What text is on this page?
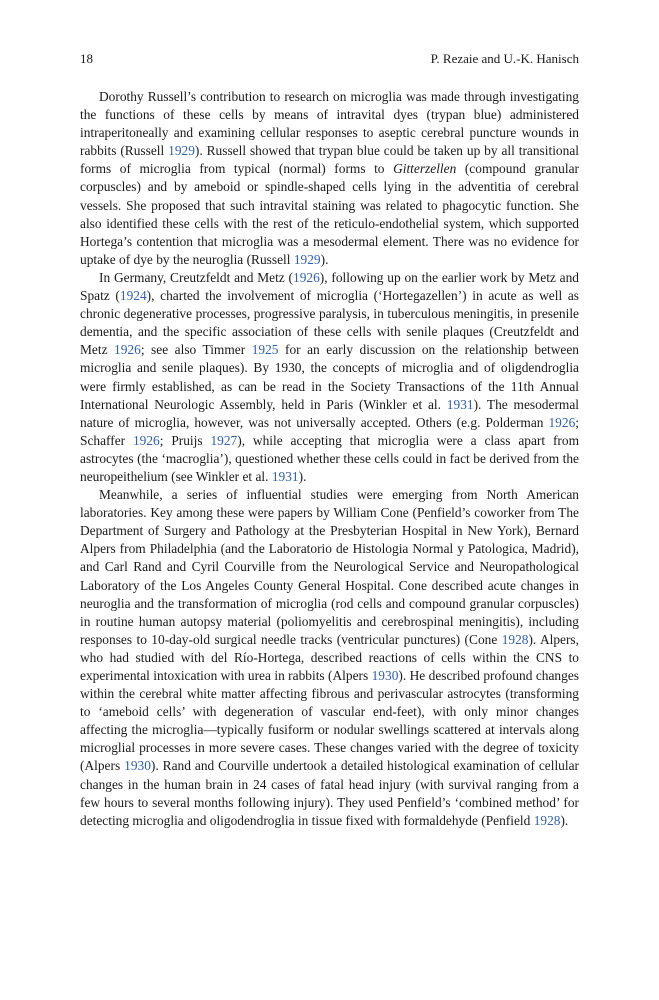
18	P. Rezaie and U.-K. Hanisch

Dorothy Russell’s contribution to research on microglia was made through investigating the functions of these cells by means of intravital dyes (trypan blue) administered intraperitoneally and examining cellular responses to aseptic cerebral puncture wounds in rabbits (Russell 1929). Russell showed that trypan blue could be taken up by all transitional forms of microglia from typical (normal) forms to Gitterzellen (compound granular corpuscles) and by ameboid or spindle-shaped cells lying in the adventitia of cerebral vessels. She proposed that such intravital staining was related to phagocytic function. She also identified these cells with the rest of the reticulo-endothelial system, which supported Hortega’s contention that microglia was a mesodermal element. There was no evidence for uptake of dye by the neuroglia (Russell 1929).

In Germany, Creutzfeldt and Metz (1926), following up on the earlier work by Metz and Spatz (1924), charted the involvement of microglia (‘Hortegazellen’) in acute as well as chronic degenerative processes, progressive paralysis, in tuberculous meningitis, in presenile dementia, and the specific association of these cells with senile plaques (Creutzfeldt and Metz 1926; see also Timmer 1925 for an early discussion on the relationship between microglia and senile plaques). By 1930, the concepts of microglia and of oligdendroglia were firmly established, as can be read in the Society Transactions of the 11th Annual International Neurologic Assembly, held in Paris (Winkler et al. 1931). The mesodermal nature of microglia, however, was not universally accepted. Others (e.g. Polderman 1926; Schaffer 1926; Pruijs 1927), while accepting that microglia were a class apart from astrocytes (the ‘macroglia’), questioned whether these cells could in fact be derived from the neuropeithelium (see Winkler et al. 1931).

Meanwhile, a series of influential studies were emerging from North American laboratories. Key among these were papers by William Cone (Penfield’s coworker from The Department of Surgery and Pathology at the Presbyterian Hospital in New York), Bernard Alpers from Philadelphia (and the Laboratorio de Histologia Normal y Patologica, Madrid), and Carl Rand and Cyril Courville from the Neurological Service and Neuropathological Laboratory of the Los Angeles County General Hospital. Cone described acute changes in neuroglia and the transformation of microglia (rod cells and compound granular corpuscles) in routine human autopsy material (poliomyelitis and cerebrospinal meningitis), including responses to 10-day-old surgical needle tracks (ventricular punctures) (Cone 1928). Alpers, who had studied with del Río-Hortega, described reactions of cells within the CNS to experimental intoxication with urea in rabbits (Alpers 1930). He described profound changes within the cerebral white matter affecting fibrous and perivascular astrocytes (transforming to ‘ameboid cells’ with degeneration of vascular end-feet), with only minor changes affecting the microglia—typically fusiform or nodular swellings scattered at intervals along microglial processes in more severe cases. These changes varied with the degree of toxicity (Alpers 1930). Rand and Courville undertook a detailed histological examination of cellular changes in the human brain in 24 cases of fatal head injury (with survival ranging from a few hours to several months following injury). They used Penfield’s ‘combined method’ for detecting microglia and oligodendroglia in tissue fixed with formaldehyde (Penfield 1928).
